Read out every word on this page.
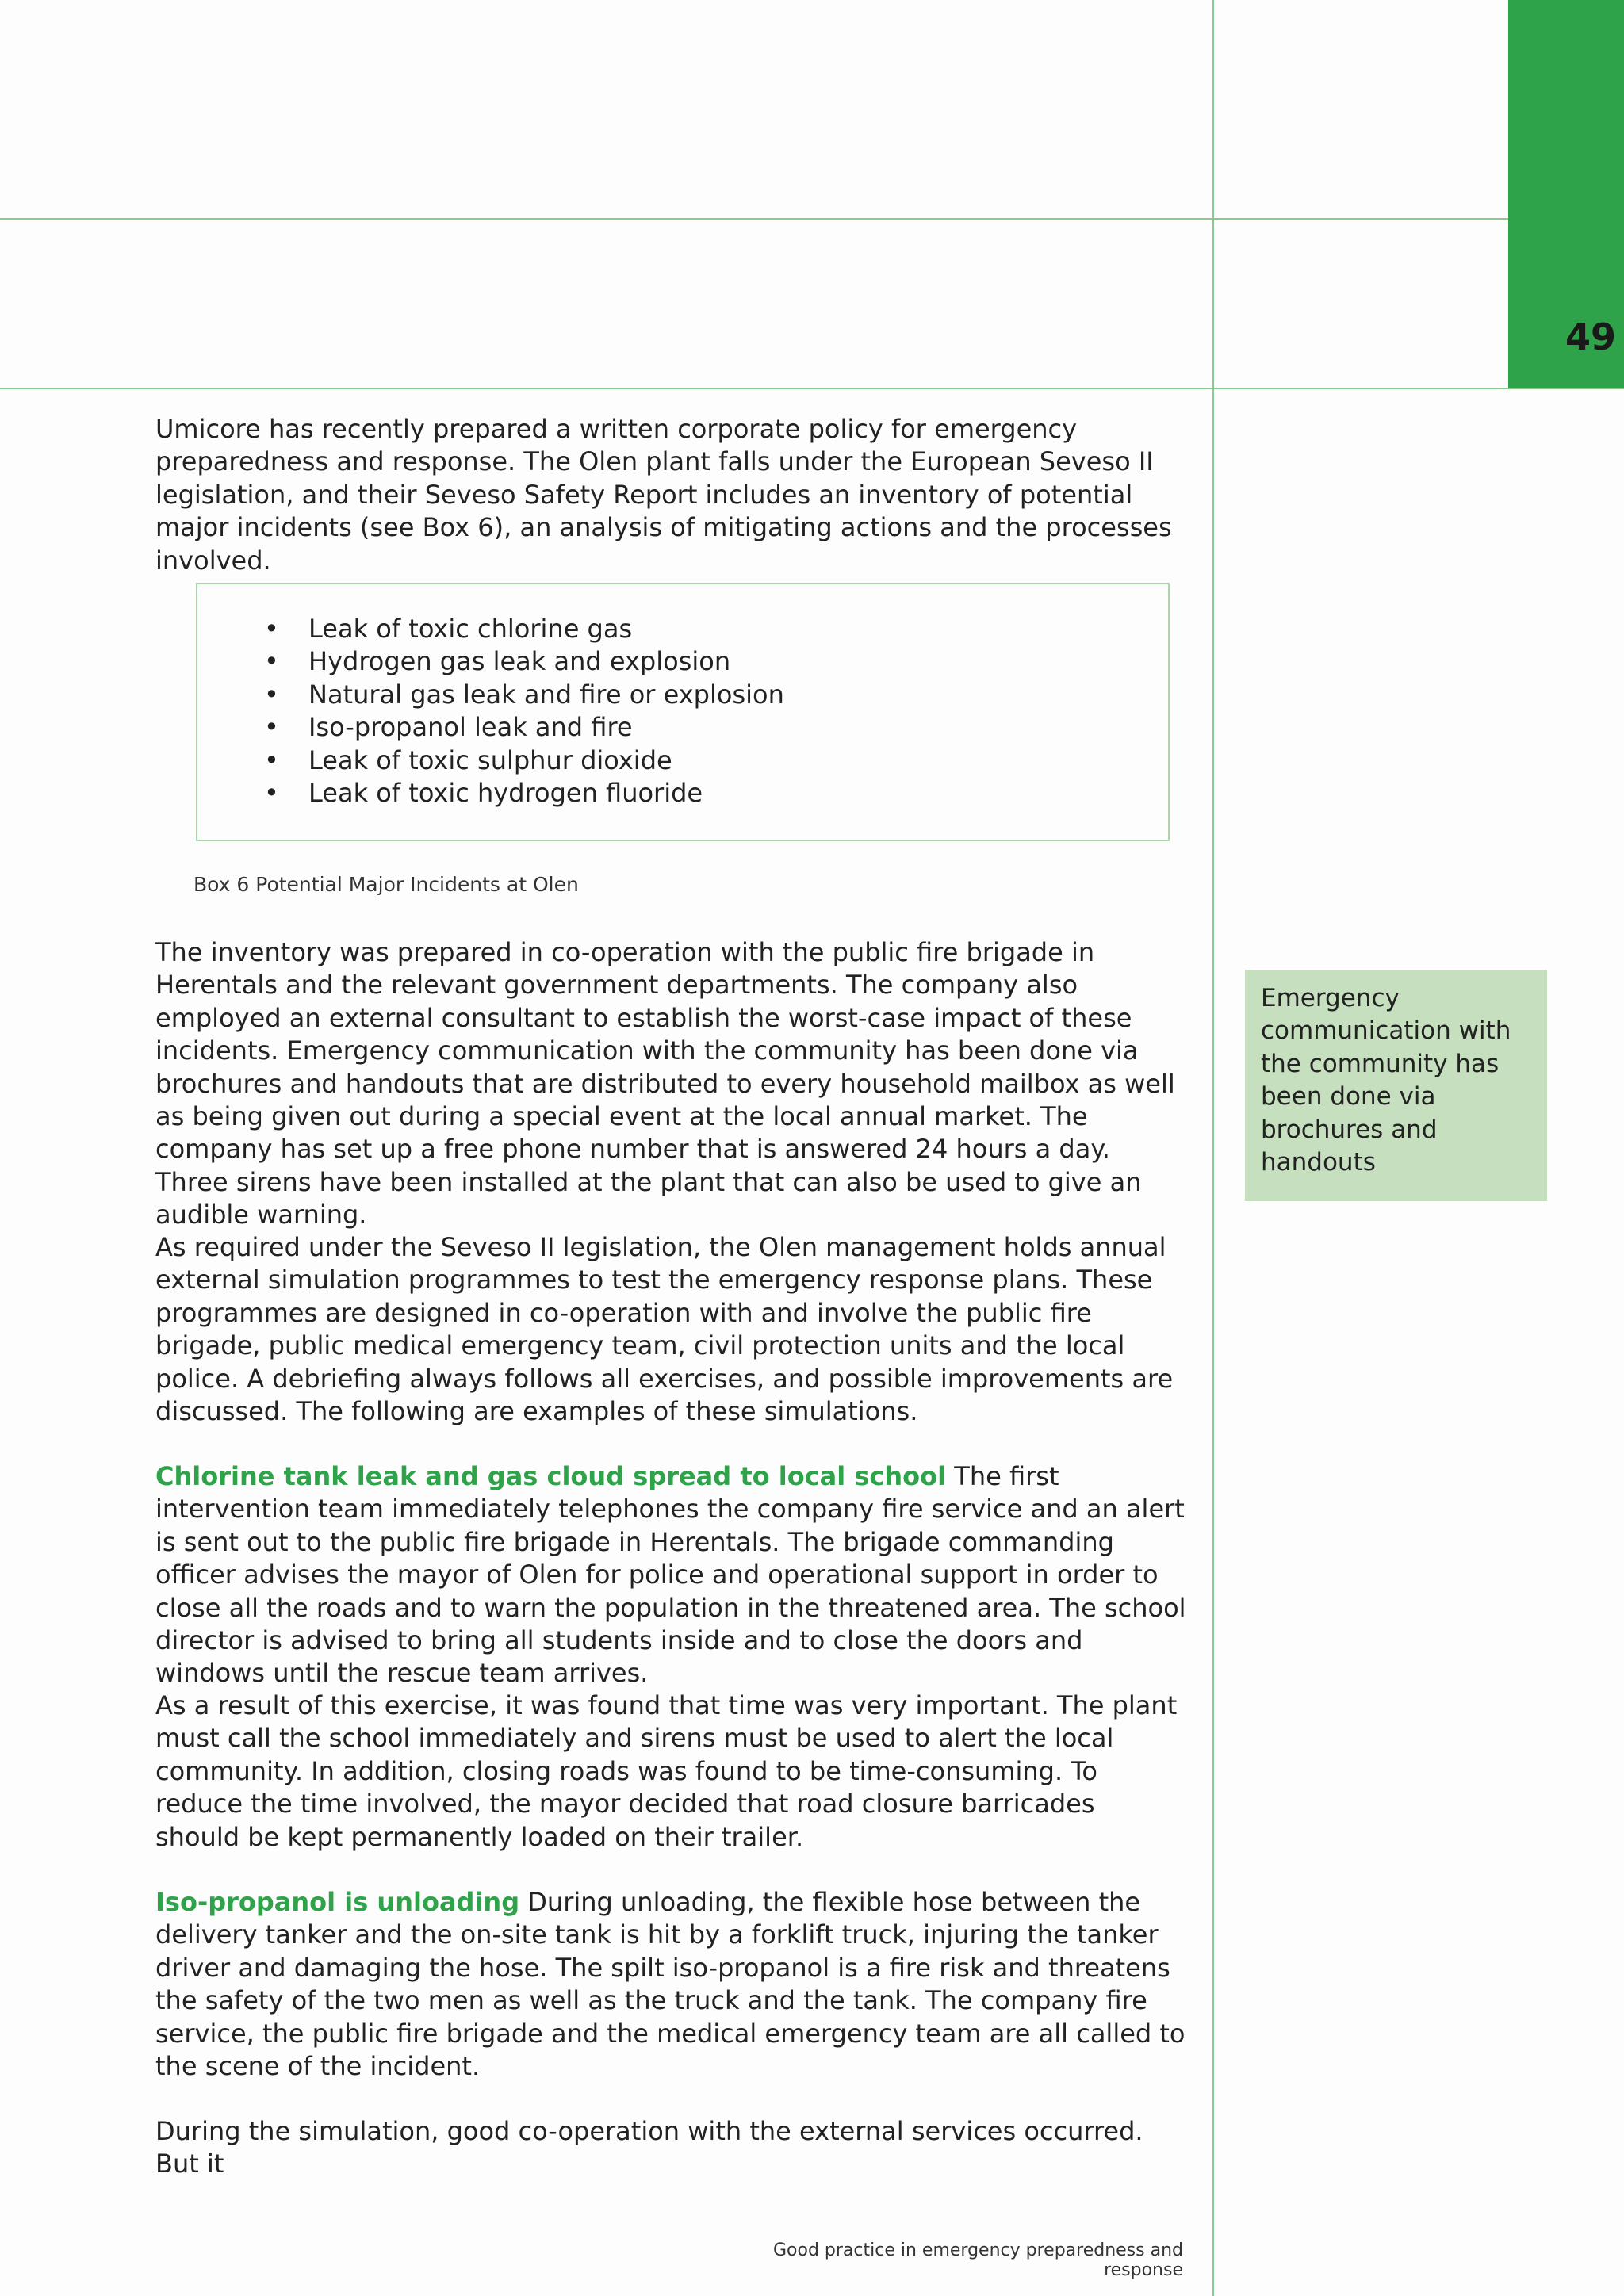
49

Umicore has recently prepared a written corporate policy for emergency preparedness and response. The Olen plant falls under the European Seveso II legislation, and their Seveso Safety Report includes an inventory of potential major incidents (see Box 6), an analysis of mitigating actions and the processes involved.

• Leak of toxic chlorine gas
• Hydrogen gas leak and explosion
• Natural gas leak and fire or explosion
• Iso-propanol leak and fire
• Leak of toxic sulphur dioxide
• Leak of toxic hydrogen fluoride
Box 6 Potential Major Incidents at Olen

The inventory was prepared in co-operation with the public fire brigade in Herentals and the relevant government departments. The company also employed an external consultant to establish the worst-case impact of these incidents. Emergency communication with the community has been done via brochures and handouts that are distributed to every household mailbox as well as being given out during a special event at the local annual market. The company has set up a free phone number that is answered 24 hours a day. Three sirens have been installed at the plant that can also be used to give an audible warning.

As required under the Seveso II legislation, the Olen management holds annual external simulation programmes to test the emergency response plans. These programmes are designed in co-operation with and involve the public fire brigade, public medical emergency team, civil protection units and the local police. A debriefing always follows all exercises, and possible improvements are discussed. The following are examples of these simulations.

Chlorine tank leak and gas cloud spread to local school The first intervention team immediately telephones the company fire service and an alert is sent out to the public fire brigade in Herentals. The brigade commanding officer advises the mayor of Olen for police and operational support in order to close all the roads and to warn the population in the threatened area. The school director is advised to bring all students inside and to close the doors and windows until the rescue team arrives.

As a result of this exercise, it was found that time was very important. The plant must call the school immediately and sirens must be used to alert the local community. In addition, closing roads was found to be time-consuming. To reduce the time involved, the mayor decided that road closure barricades should be kept permanently loaded on their trailer.

Iso-propanol is unloading During unloading, the flexible hose between the delivery tanker and the on-site tank is hit by a forklift truck, injuring the tanker driver and damaging the hose. The spilt iso-propanol is a fire risk and threatens the safety of the two men as well as the truck and the tank. The company fire service, the public fire brigade and the medical emergency team are all called to the scene of the incident.

During the simulation, good co-operation with the external services occurred. But it

Emergency communication with the community has been done via brochures and handouts

Good practice in emergency preparedness and response
